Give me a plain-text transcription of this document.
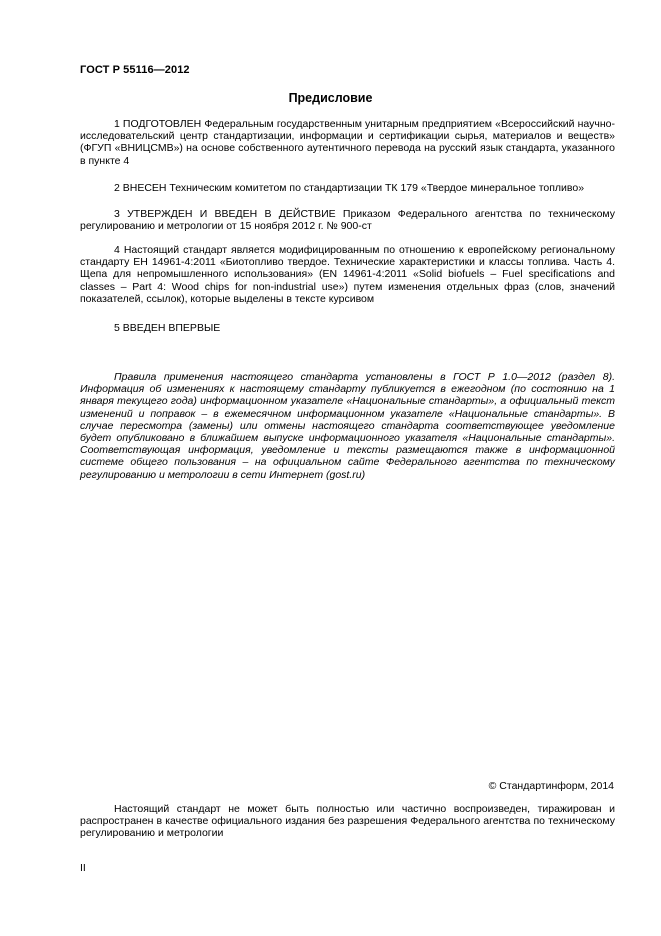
ГОСТ Р 55116—2012
Предисловие

1 ПОДГОТОВЛЕН Федеральным государственным унитарным предприятием «Всероссийский научно-исследовательский центр стандартизации, информации и сертификации сырья, материалов и веществ» (ФГУП «ВНИЦСМВ») на основе собственного аутентичного перевода на русский язык стандарта, указанного в пункте 4

2 ВНЕСЕН Техническим комитетом по стандартизации ТК 179 «Твердое минеральное топливо»

3 УТВЕРЖДЕН И ВВЕДЕН В ДЕЙСТВИЕ Приказом Федерального агентства по техническому регулированию и метрологии от 15 ноября 2012 г. № 900-ст

4 Настоящий стандарт является модифицированным по отношению к европейскому региональному стандарту ЕН 14961-4:2011 «Биотопливо твердое. Технические характеристики и классы топлива. Часть 4. Щепа для непромышленного использования» (EN 14961-4:2011 «Solid biofuels – Fuel specifications and classes – Part 4: Wood chips for non-industrial use») путем изменения отдельных фраз (слов, значений показателей, ссылок), которые выделены в тексте курсивом

5 ВВЕДЕН ВПЕРВЫЕ

Правила применения настоящего стандарта установлены в ГОСТ Р 1.0—2012 (раздел 8). Информация об изменениях к настоящему стандарту публикуется в ежегодном (по состоянию на 1 января текущего года) информационном указателе «Национальные стандарты», а официальный текст изменений и поправок – в ежемесячном информационном указателе «Национальные стандарты». В случае пересмотра (замены) или отмены настоящего стандарта соответствующее уведомление будет опубликовано в ближайшем выпуске информационного указателя «Национальные стандарты». Соответствующая информация, уведомление и тексты размещаются также в информационной системе общего пользования – на официальном сайте Федерального агентства по техническому регулированию и метрологии в сети Интернет (gost.ru)

© Стандартинформ, 2014

Настоящий стандарт не может быть полностью или частично воспроизведен, тиражирован и распространен в качестве официального издания без разрешения Федерального агентства по техническому регулированию и метрологии

II
